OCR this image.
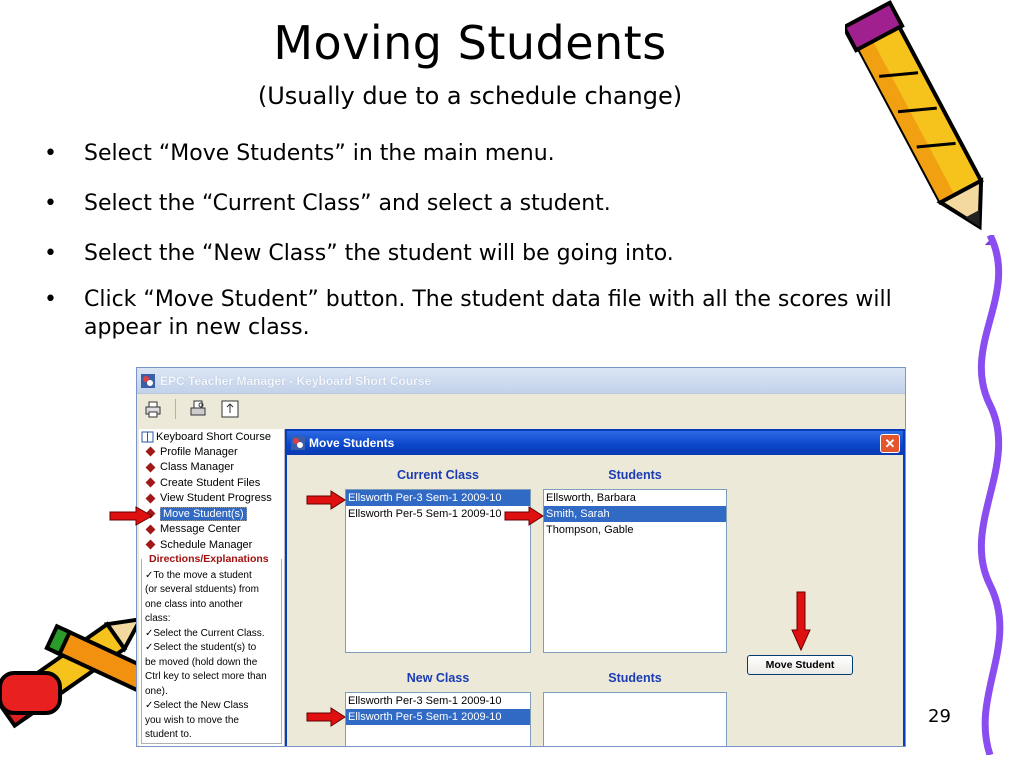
Moving Students
(Usually due to a schedule change)
• Select “Move Students” in the main menu.
• Select the “Current Class” and select a student.
• Select the “New Class” the student will be going into.
• Click “Move Student” button. The student data file with all the scores will appear in new class.
EPC Teacher Manager - Keyboard Short Course
Keyboard Short Course
Profile Manager
Class Manager
Create Student Files
View Student Progress
Move Student(s)
Message Center
Schedule Manager
Directions/Explanations
✓To the move a student
(or several stduents) from
one class into another
class:
✓Select the Current Class.
✓Select the student(s) to
be moved (hold down the
Ctrl key to select more than
one).
✓Select the New Class
you wish to move the
student to.
Move Students	✕
Current Class	Students
Ellsworth Per-3 Sem-1 2009-10
Ellsworth Per-5 Sem-1 2009-10
Ellsworth, Barbara
Smith, Sarah
Thompson, Gable
Move Student
New Class	Students
Ellsworth Per-3 Sem-1 2009-10
Ellsworth Per-5 Sem-1 2009-10	29
